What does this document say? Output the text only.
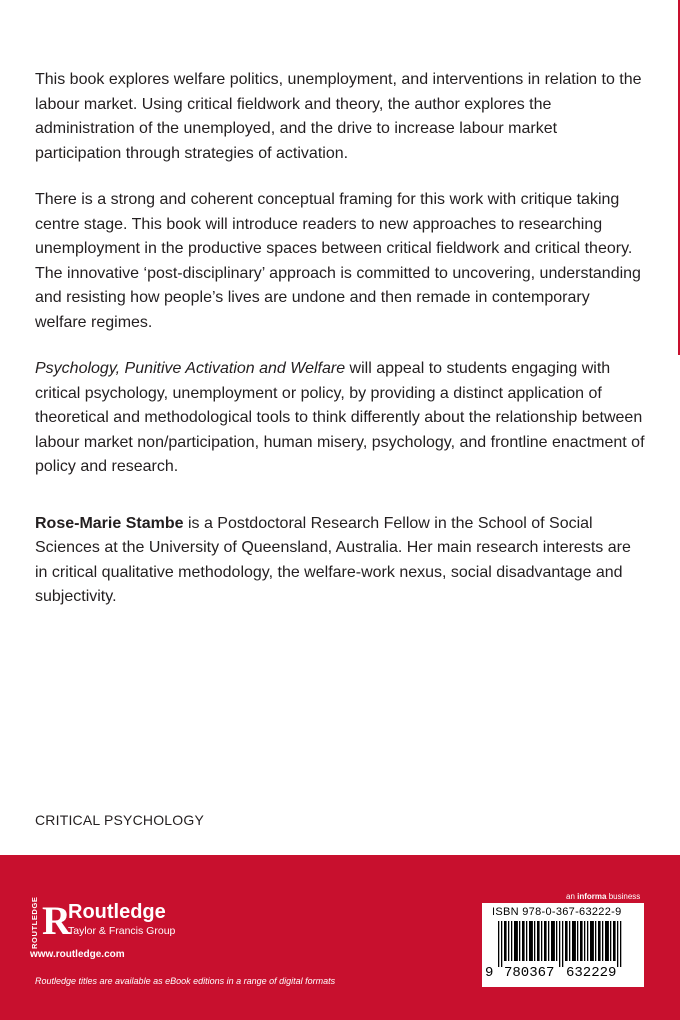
This book explores welfare politics, unemployment, and interventions in relation to the labour market. Using critical fieldwork and theory, the author explores the administration of the unemployed, and the drive to increase labour market participation through strategies of activation.

There is a strong and coherent conceptual framing for this work with critique taking centre stage. This book will introduce readers to new approaches to researching unemployment in the productive spaces between critical fieldwork and critical theory. The innovative ‘post-disciplinary’ approach is committed to uncovering, understanding and resisting how people’s lives are undone and then remade in contemporary welfare regimes.

Psychology, Punitive Activation and Welfare will appeal to students engaging with critical psychology, unemployment or policy, by providing a distinct application of theoretical and methodological tools to think differently about the relationship between labour market non/participation, human misery, psychology, and frontline enactment of policy and research.

Rose-Marie Stambe is a Postdoctoral Research Fellow in the School of Social Sciences at the University of Queensland, Australia. Her main research interests are in critical qualitative methodology, the welfare-work nexus, social disadvantage and subjectivity.

CRITICAL PSYCHOLOGY
ROUTLEDGE R
Routledge
Taylor & Francis Group
www.routledge.com
Routledge titles are available as eBook editions in a range of digital formats
an informa business
ISBN 978-0-367-63222-9
9 780367 632229
